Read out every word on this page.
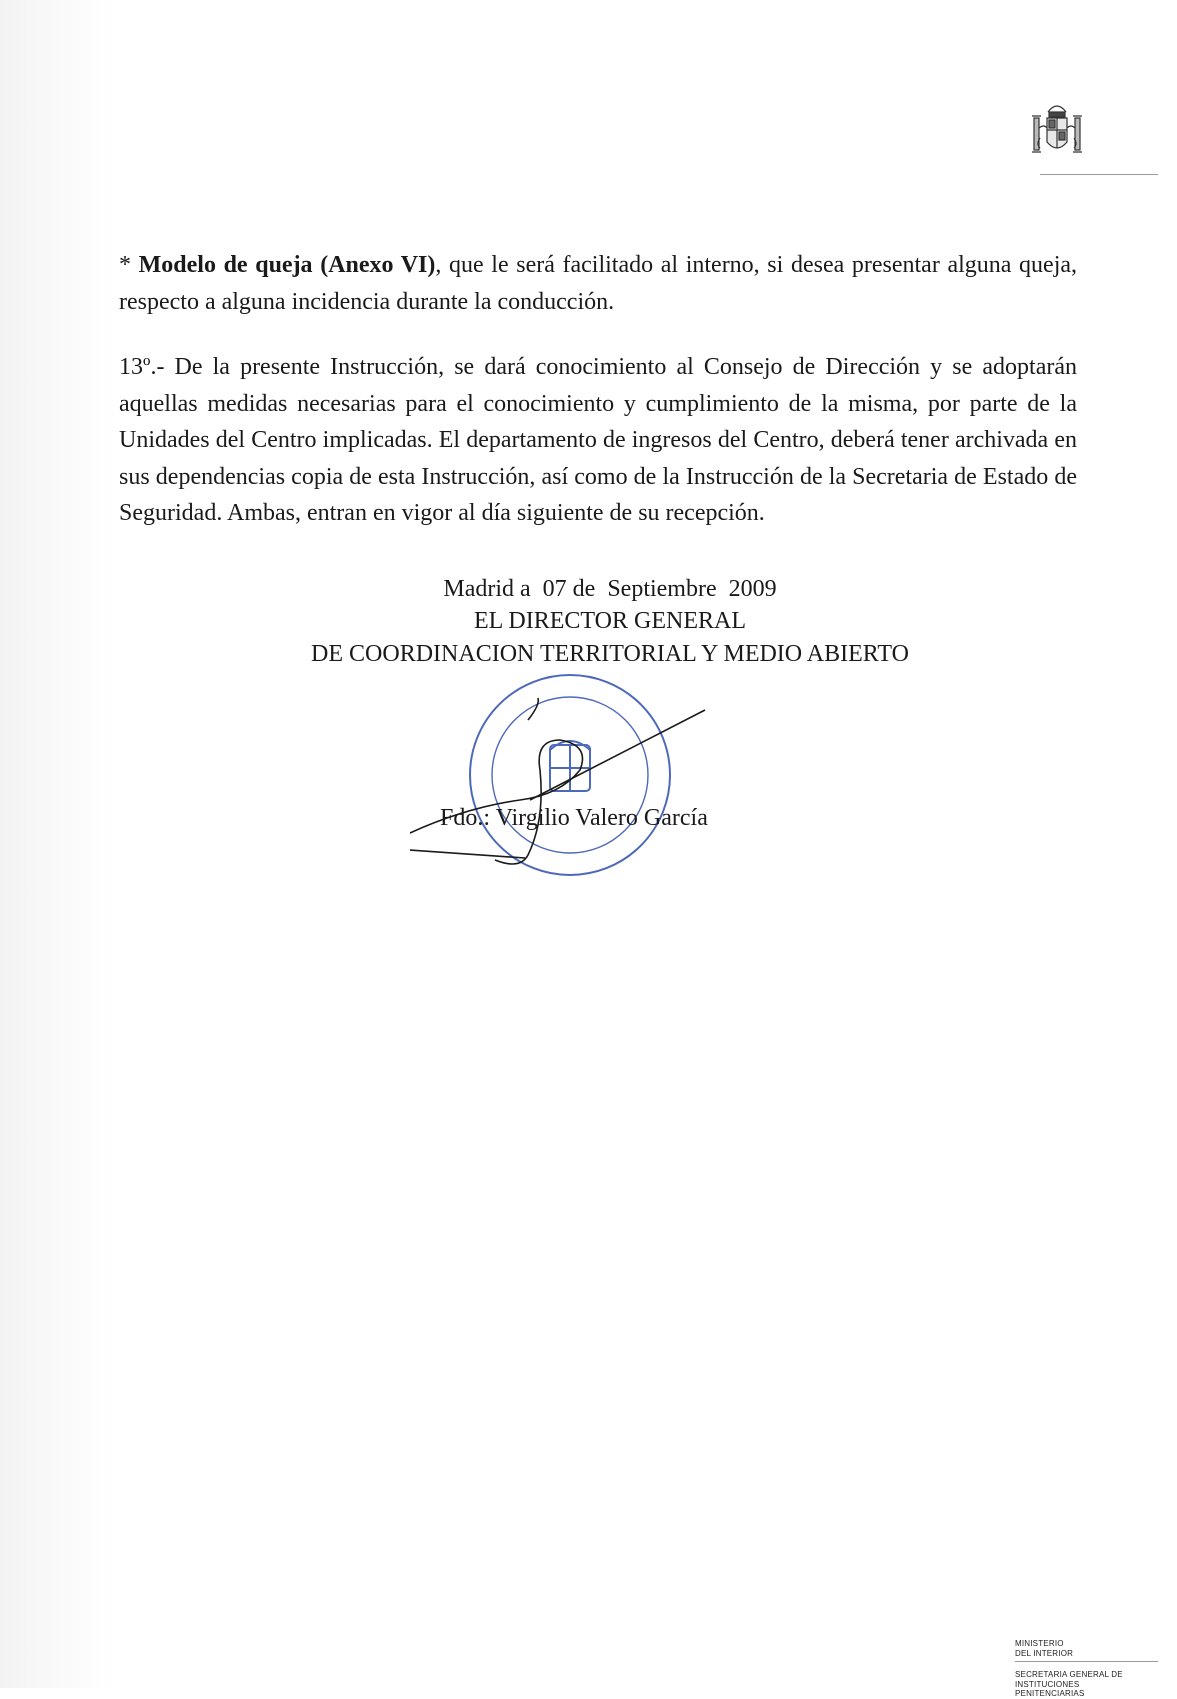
* Modelo de queja (Anexo VI), que le será facilitado al interno, si desea presentar alguna queja, respecto a alguna incidencia durante la conducción.

13º.- De la presente Instrucción, se dará conocimiento al Consejo de Dirección y se adoptarán aquellas medidas necesarias para el conocimiento y cumplimiento de la misma, por parte de la Unidades del Centro implicadas. El departamento de ingresos del Centro, deberá tener archivada en sus dependencias copia de esta Instrucción, así como de la Instrucción de la Secretaria de Estado de Seguridad. Ambas, entran en vigor al día siguiente de su recepción.

Madrid a  07 de  Septiembre  2009
EL DIRECTOR GENERAL
DE COORDINACION TERRITORIAL Y MEDIO ABIERTO
Fdo.: Virgilio Valero García
MINISTERIO
DEL INTERIOR
SECRETARIA GENERAL DE
INSTITUCIONES
PENITENCIARIAS
